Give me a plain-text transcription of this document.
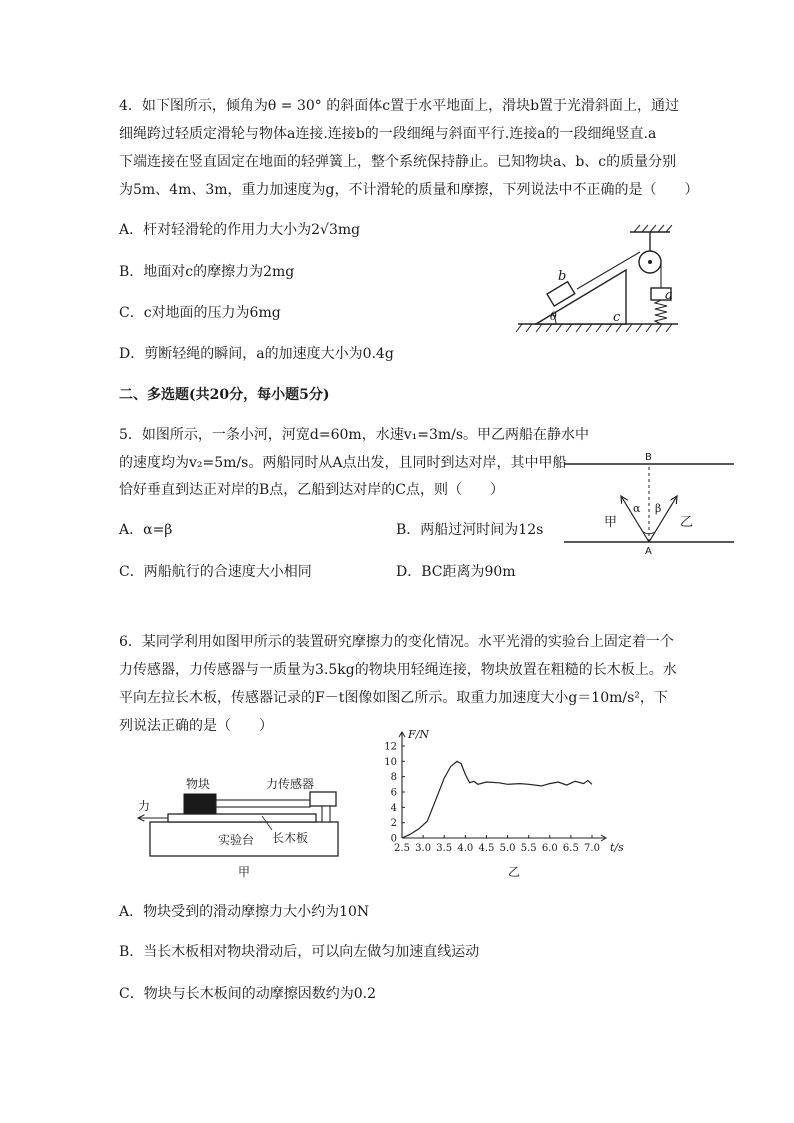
4．如下图所示，倾角为θ = 30° 的斜面体c置于水平地面上，滑块b置于光滑斜面上，通过
细绳跨过轻质定滑轮与物体a连接.连接b的一段细绳与斜面平行.连接a的一段细绳竖直.a
下端连接在竖直固定在地面的轻弹簧上，整个系统保持静止。已知物块a、b、c的质量分别
为5m、4m、3m，重力加速度为g，不计滑轮的质量和摩擦，下列说法中不正确的是（　　）
A．杆对轻滑轮的作用力大小为2√3mg
B．地面对c的摩擦力为2mg
C．c对地面的压力为6mg
D．剪断轻绳的瞬间，a的加速度大小为0.4g
b
a
c
θ
二、多选题(共20分，每小题5分)
5．如图所示，一条小河，河宽d=60m，水速v₁=3m/s。甲乙两船在静水中
的速度均为v₂=5m/s。两船同时从A点出发，且同时到达对岸，其中甲船
恰好垂直到达正对岸的B点，乙船到达对岸的C点，则（　　）
A．α=β	B．两船过河时间为12s
C．两船航行的合速度大小相同	D．BC距离为90m
B
A
α β
甲	乙
6．某同学利用如图甲所示的装置研究摩擦力的变化情况。水平光滑的实验台上固定着一个
力传感器，力传感器与一质量为3.5kg的物块用轻绳连接，物块放置在粗糙的长木板上。水
平向左拉长木板，传感器记录的F－t图像如图乙所示。取重力加速度大小g＝10m/s²，下
列说法正确的是（　　）
物块	力传感器
力
长木板
实验台
甲
2.5 3.0 3.5 4.0 4.5 5.0 5.5 6.0 6.5 7.0
0
2
4
6
8
10
12
F/N
t/s
乙
A．物块受到的滑动摩擦力大小约为10N
B．当长木板相对物块滑动后，可以向左做匀加速直线运动
C．物块与长木板间的动摩擦因数约为0.2
